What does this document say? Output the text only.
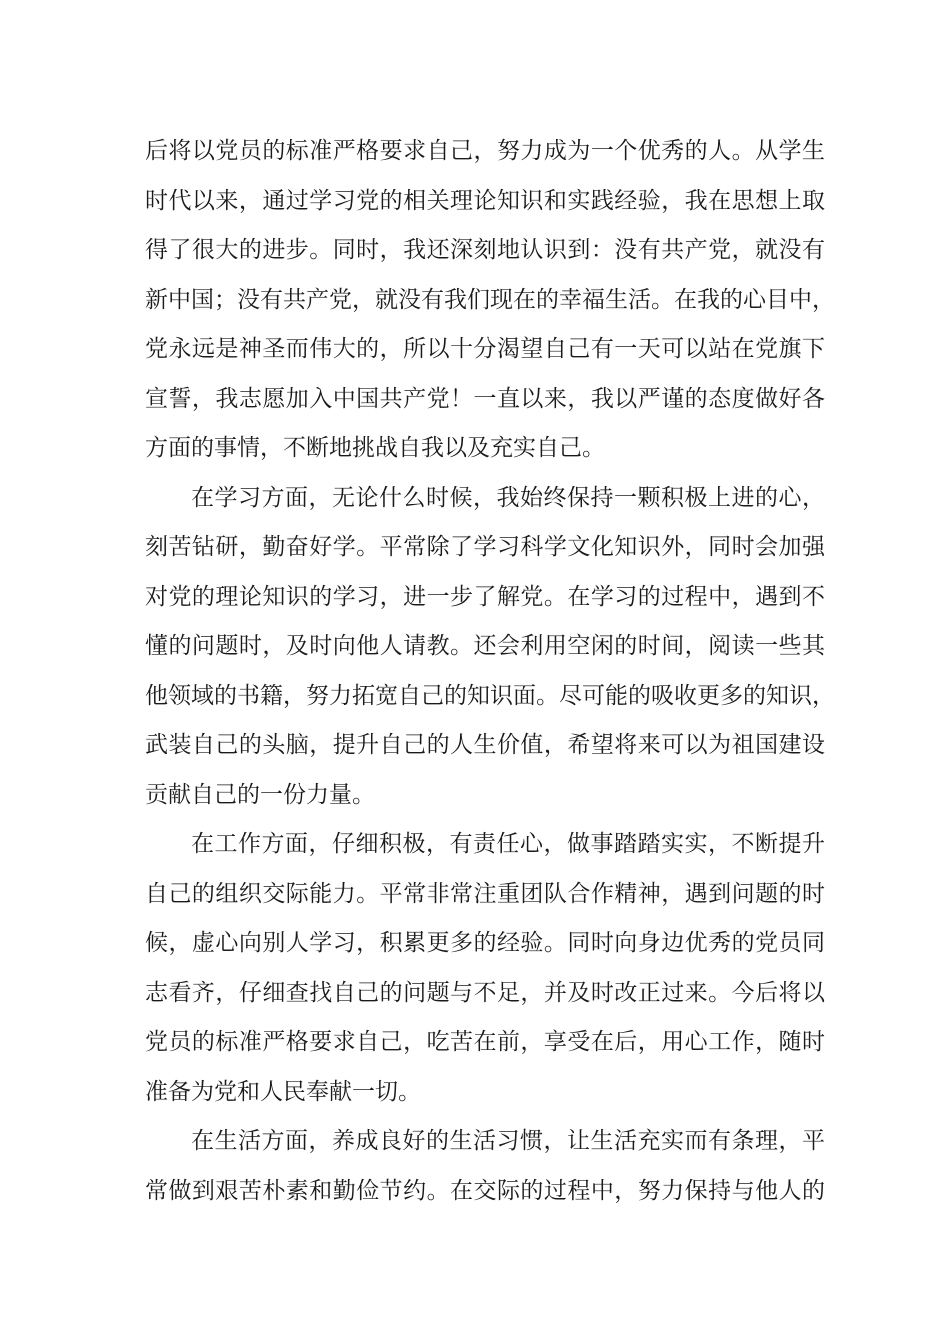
后将以党员的标准严格要求自己，努力成为一个优秀的人。从学生
时代以来，通过学习党的相关理论知识和实践经验，我在思想上取
得了很大的进步。同时，我还深刻地认识到：没有共产党，就没有
新中国；没有共产党，就没有我们现在的幸福生活。在我的心目中，
党永远是神圣而伟大的，所以十分渴望自己有一天可以站在党旗下
宣誓，我志愿加入中国共产党！一直以来，我以严谨的态度做好各
方面的事情，不断地挑战自我以及充实自己。
在学习方面，无论什么时候，我始终保持一颗积极上进的心，
刻苦钻研，勤奋好学。平常除了学习科学文化知识外，同时会加强
对党的理论知识的学习，进一步了解党。在学习的过程中，遇到不
懂的问题时，及时向他人请教。还会利用空闲的时间，阅读一些其
他领域的书籍，努力拓宽自己的知识面。尽可能的吸收更多的知识，
武装自己的头脑，提升自己的人生价值，希望将来可以为祖国建设
贡献自己的一份力量。
在工作方面，仔细积极，有责任心，做事踏踏实实，不断提升
自己的组织交际能力。平常非常注重团队合作精神，遇到问题的时
候，虚心向别人学习，积累更多的经验。同时向身边优秀的党员同
志看齐，仔细查找自己的问题与不足，并及时改正过来。今后将以
党员的标准严格要求自己，吃苦在前，享受在后，用心工作，随时
准备为党和人民奉献一切。
在生活方面，养成良好的生活习惯，让生活充实而有条理，平
常做到艰苦朴素和勤俭节约。在交际的过程中，努力保持与他人的
